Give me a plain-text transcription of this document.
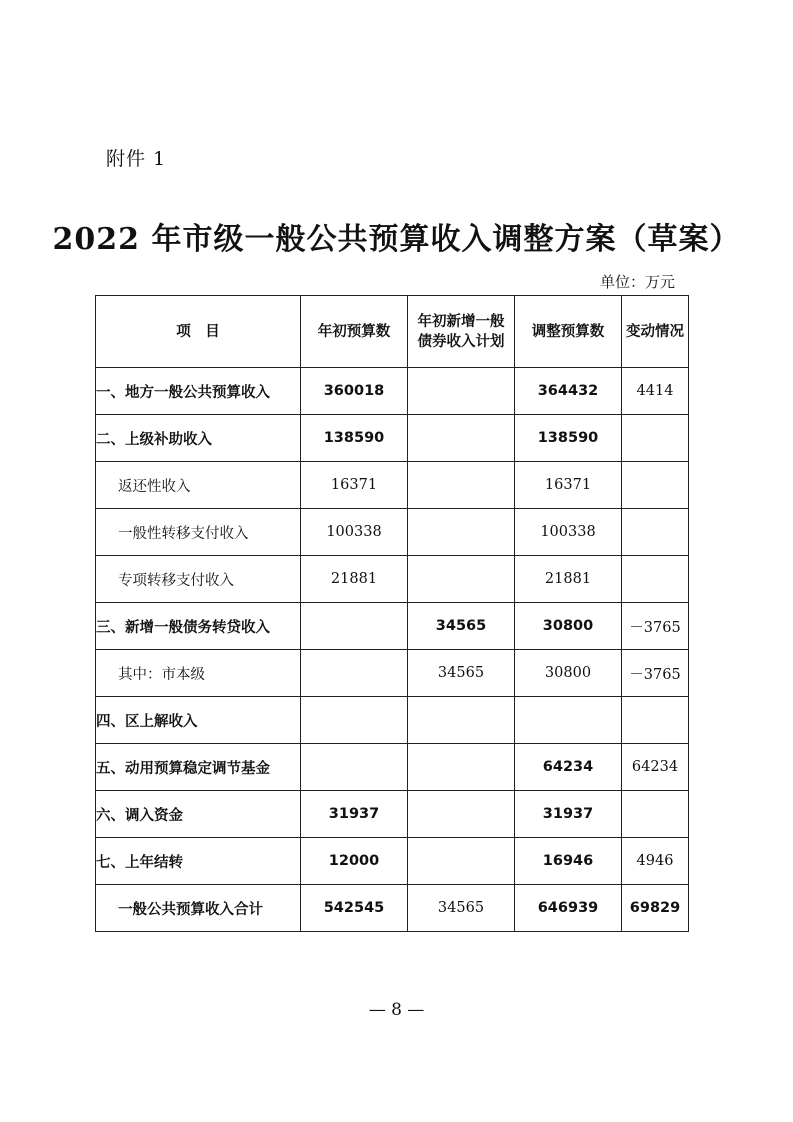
附件 1
2022 年市级一般公共预算收入调整方案（草案）
单位：万元
项　目	年初预算数	年初新增一般债券收入计划	调整预算数	变动情况
一、地方一般公共预算收入	360018		364432	4414
二、上级补助收入	138590		138590	
返还性收入	16371		16371	
一般性转移支付收入	100338		100338	
专项转移支付收入	21881		21881	
三、新增一般债务转贷收入		34565	30800	－3765
其中：市本级		34565	30800	－3765
四、区上解收入				
五、动用预算稳定调节基金			64234	64234
六、调入资金	31937		31937	
七、上年结转	12000		16946	4946
一般公共预算收入合计	542545	34565	646939	69829
— 8 —
